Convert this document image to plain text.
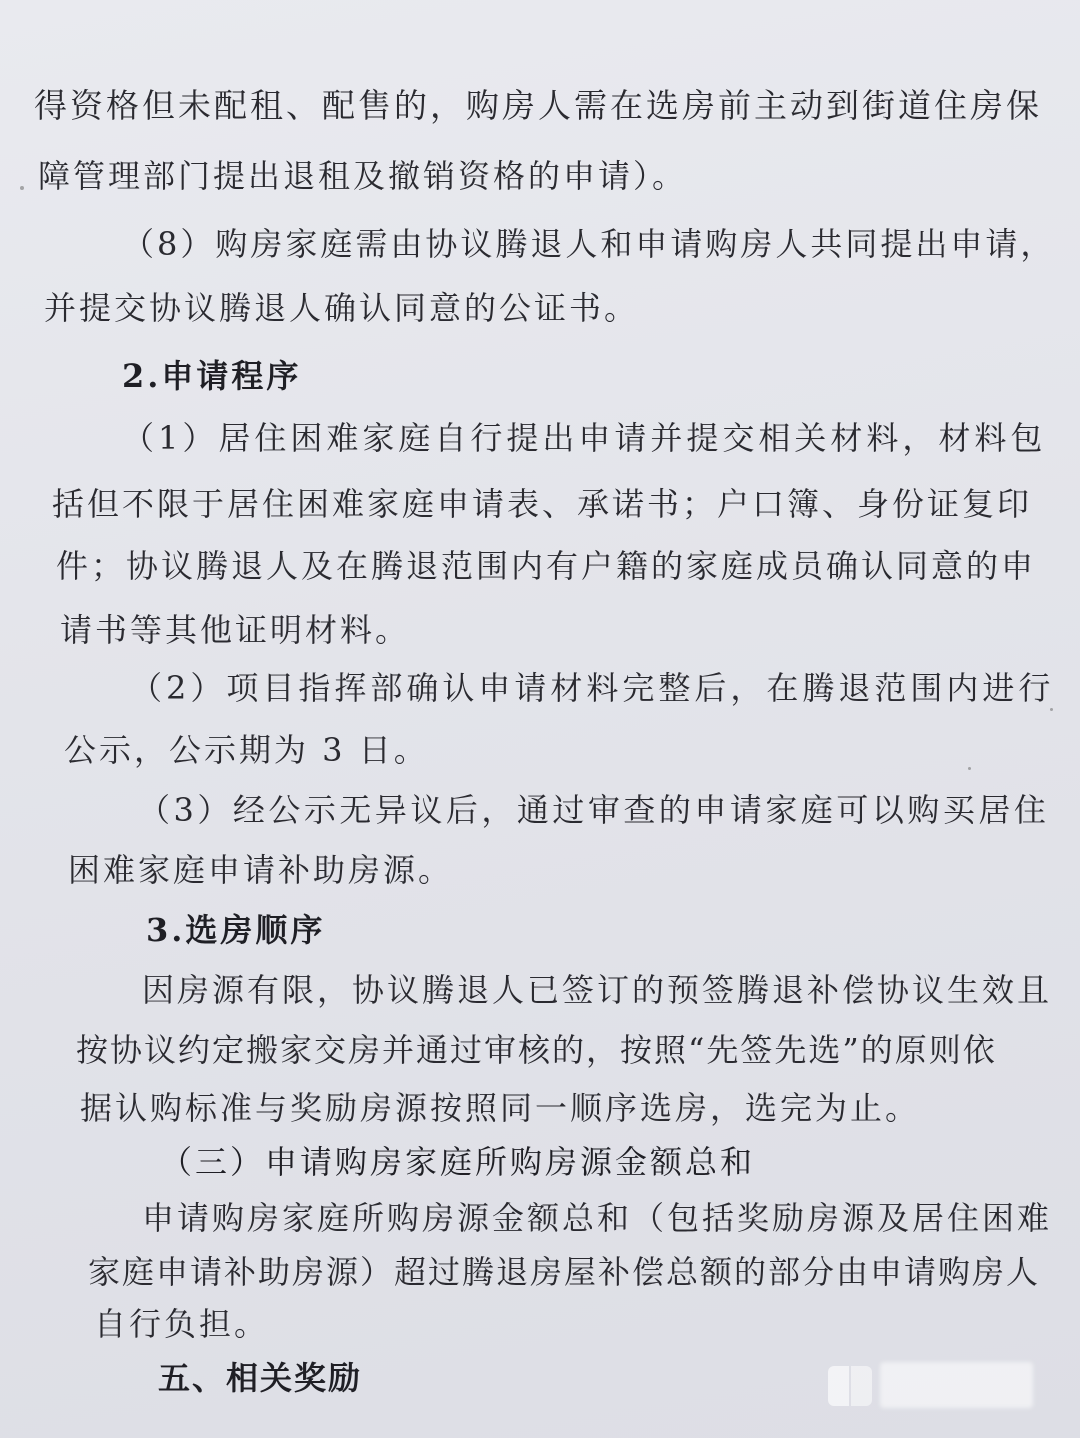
得资格但未配租、配售的，购房人需在选房前主动到街道住房保
障管理部门提出退租及撤销资格的申请）。
（8）购房家庭需由协议腾退人和申请购房人共同提出申请，
并提交协议腾退人确认同意的公证书。
2.申请程序
（1）居住困难家庭自行提出申请并提交相关材料，材料包
括但不限于居住困难家庭申请表、承诺书；户口簿、身份证复印
件；协议腾退人及在腾退范围内有户籍的家庭成员确认同意的申
请书等其他证明材料。
（2）项目指挥部确认申请材料完整后，在腾退范围内进行
公示，公示期为 3 日。
（3）经公示无异议后，通过审查的申请家庭可以购买居住
困难家庭申请补助房源。
3.选房顺序
因房源有限，协议腾退人已签订的预签腾退补偿协议生效且
按协议约定搬家交房并通过审核的，按照“先签先选”的原则依
据认购标准与奖励房源按照同一顺序选房，选完为止。
（三）申请购房家庭所购房源金额总和
申请购房家庭所购房源金额总和（包括奖励房源及居住困难
家庭申请补助房源）超过腾退房屋补偿总额的部分由申请购房人
自行负担。
五、相关奖励
